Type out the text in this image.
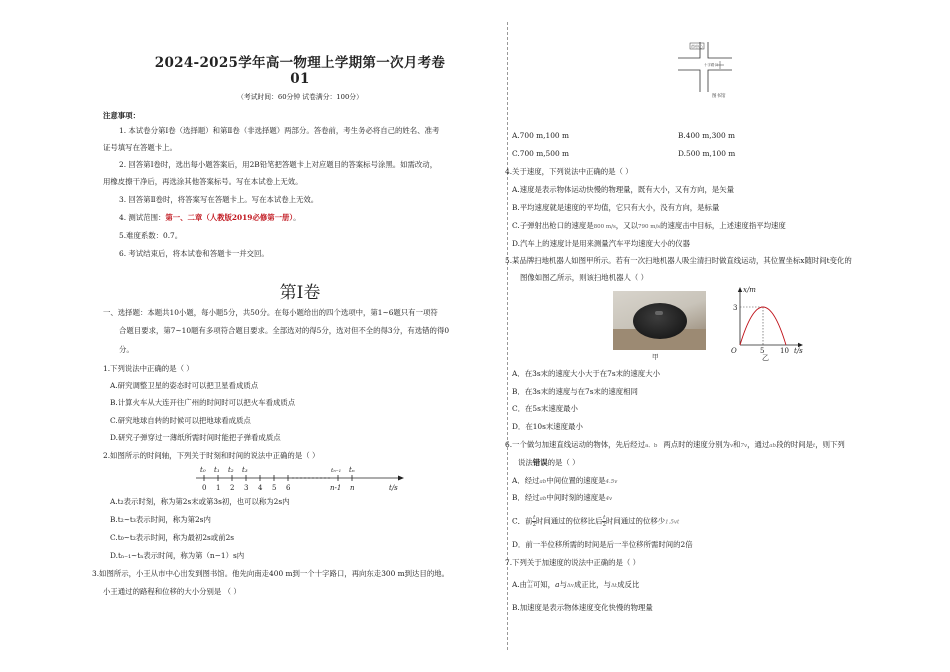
2024-2025学年高一物理上学期第一次月考卷01
（考试时间：60分钟 试卷满分：100分）
注意事项：
1. 本试卷分第Ⅰ卷（选择题）和第Ⅱ卷（非选择题）两部分。答卷前，考生务必将自己的姓名、准考
证号填写在答题卡上。
2. 回答第Ⅰ卷时，选出每小题答案后，用2B铅笔把答题卡上对应题目的答案标号涂黑。如需改动，
用橡皮擦干净后，再选涂其他答案标号。写在本试卷上无效。
3. 回答第Ⅱ卷时，将答案写在答题卡上。写在本试卷上无效。
4. 测试范围：第一、二章（人教版2019必修第一册）。
5.难度系数：0.7。
6. 考试结束后，将本试卷和答题卡一并交回。
第Ⅰ卷
一、选择题：本题共10小题，每小题5分，共50分。在每小题给出的四个选项中，第1~6题只有一项符
合题目要求，第7~10题有多项符合题目要求。全部选对的得5分，选对但不全的得3分，有选错的得0
分。
1.下列说法中正确的是（ ）
A.研究调整卫星的姿态时可以把卫星看成质点
B.计算火车从大连开往广州的时间时可以把火车看成质点
C.研究地球自转的时候可以把地球看成质点
D.研究子弹穿过一薄纸所需时间时能把子弹看成质点
2.如图所示的时间轴，下列关于时刻和时间的说法中正确的是（ ）
t₀ t₁ t₂ t₃	tₙ₋₁ tₙ
0 1 2 3 4 5 6	n-1 n	t/s
A.t₂表示时刻，称为第2s末或第3s初，也可以称为2s内
B.t₂~t₃表示时间，称为第2s内
C.t₀~t₂表示时间，称为最初2s或前2s
D.tₙ₋₁~tₙ表示时间，称为第（n−1）s内
3.如图所示，小王从市中心出发到图书馆。他先向南走400 m到一个十字路口，再向东走300 m到达目的地。
小王通过的路程和位移的大小分别是 （ ）
市中心
十字路口
图书馆
A.700 m,100 m	B.400 m,300 m
C.700 m,500 m	D.500 m,100 m
4.关于速度，下列说法中正确的是（ ）
A.速度是表示物体运动快慢的物理量，既有大小，又有方向，是矢量
B.平均速度就是速度的平均值，它只有大小，没有方向，是标量
C.子弹射出枪口的速度是800 m/s，又以790 m/s的速度击中目标，上述速度指平均速度
D.汽车上的速度计是用来测量汽车平均速度大小的仪器
5.某品牌扫地机器人如图甲所示。若有一次扫地机器人吸尘清扫时做直线运动，其位置坐标x随时间t变化的
图像如图乙所示，则该扫地机器人（ ）
甲
x/m
3
5 10
O	t/s
乙
A．在3s末的速度大小大于在7s末的速度大小
B．在3s末的速度与在7s末的速度相同
C．在5s末速度最小
D．在10s末速度最小
6.一个做匀加速直线运动的物体，先后经过a、b 两点时的速度分别为v和7v，通过ab段的时间是t，则下列
说法错误的是（ ）
A．经过ab中间位置的速度是4.5v
B．经过ab中间时刻的速度是4v
C．前 $\frac{t}{2}$ 时间通过的位移比后 $\frac{t}{2}$ 时间通过的位移少1.5vt
D．前一半位移所需的时间是后一半位移所需时间的2倍
7.下列关于加速度的说法中正确的是（ ）
A.由 Δv
Δt 可知，a与Δv成正比，与Δt成反比
B.加速度是表示物体速度变化快慢的物理量
